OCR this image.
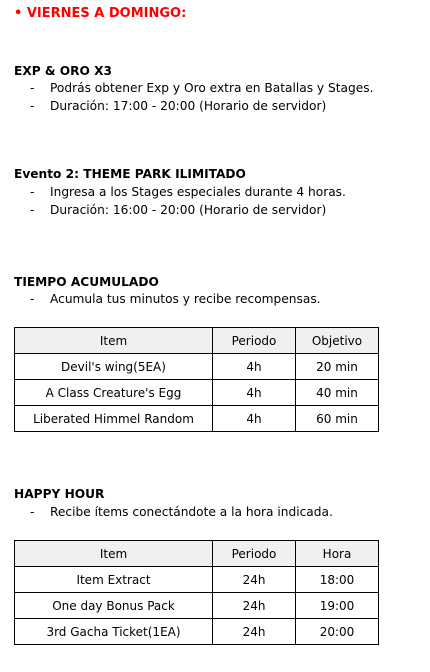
• VIERNES A DOMINGO:
EXP & ORO X3
- Podrás obtener Exp y Oro extra en Batallas y Stages.
- Duración: 17:00 - 20:00 (Horario de servidor)
Evento 2: THEME PARK ILIMITADO
- Ingresa a los Stages especiales durante 4 horas.
- Duración: 16:00 - 20:00 (Horario de servidor)
TIEMPO ACUMULADO
- Acumula tus minutos y recibe recompensas.
Item	Periodo	Objetivo
Devil's wing(5EA)	4h	20 min
A Class Creature's Egg	4h	40 min
Liberated Himmel Random	4h	60 min
HAPPY HOUR
- Recibe ítems conectándote a la hora indicada.
Item	Periodo	Hora
Item Extract	24h	18:00
One day Bonus Pack	24h	19:00
3rd Gacha Ticket(1EA)	24h	20:00
